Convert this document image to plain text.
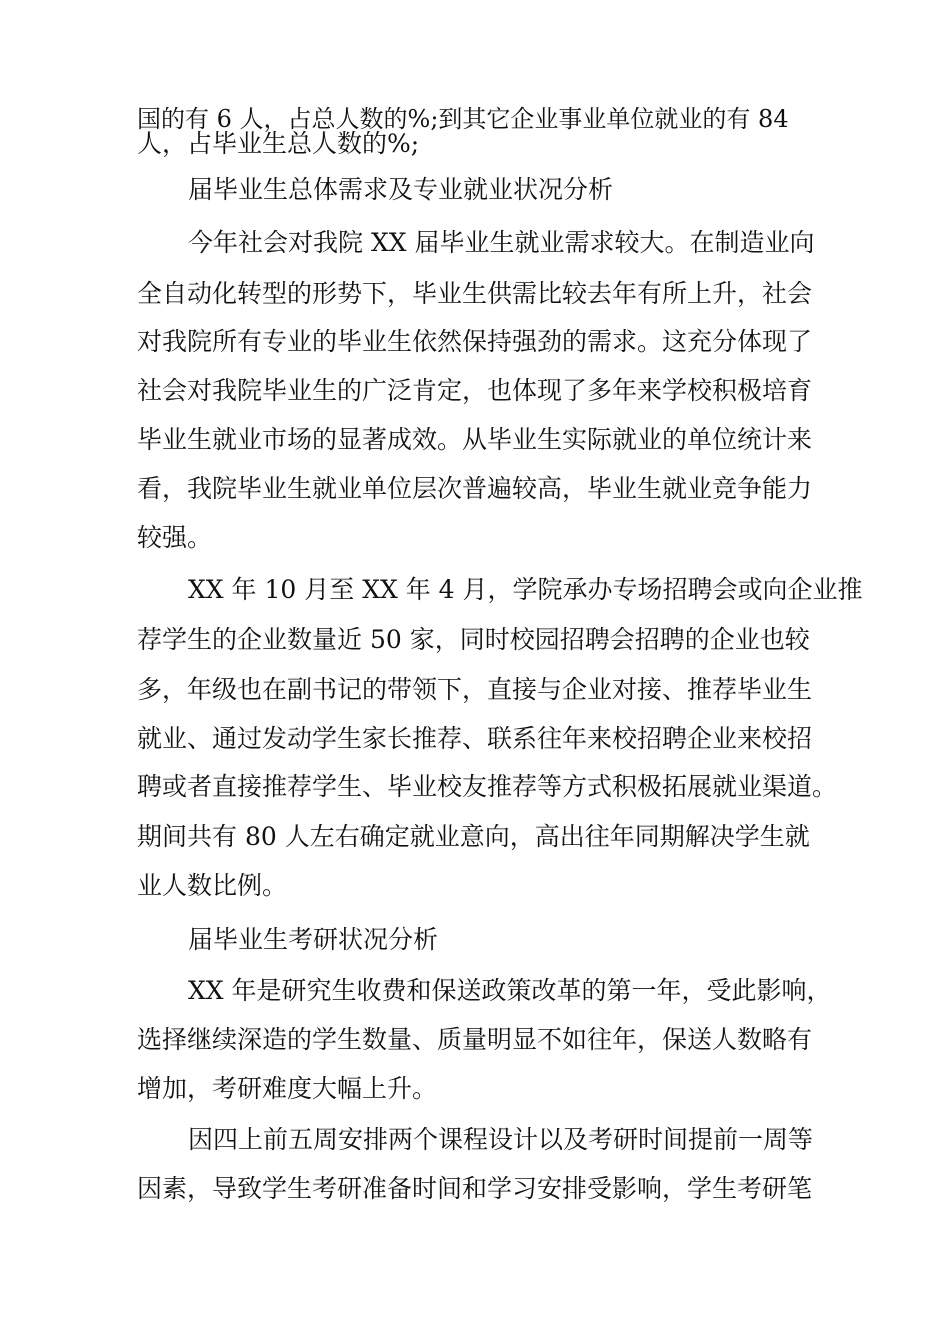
国的有 6 人，占总人数的%;到其它企业事业单位就业的有 84
人，占毕业生总人数的%;
届毕业生总体需求及专业就业状况分析
今年社会对我院 XX 届毕业生就业需求较大。在制造业向
全自动化转型的形势下，毕业生供需比较去年有所上升，社会
对我院所有专业的毕业生依然保持强劲的需求。这充分体现了
社会对我院毕业生的广泛肯定，也体现了多年来学校积极培育
毕业生就业市场的显著成效。从毕业生实际就业的单位统计来
看，我院毕业生就业单位层次普遍较高，毕业生就业竞争能力
较强。
XX 年 10 月至 XX 年 4 月，学院承办专场招聘会或向企业推
荐学生的企业数量近 50 家，同时校园招聘会招聘的企业也较
多，年级也在副书记的带领下，直接与企业对接、推荐毕业生
就业、通过发动学生家长推荐、联系往年来校招聘企业来校招
聘或者直接推荐学生、毕业校友推荐等方式积极拓展就业渠道。
期间共有 80 人左右确定就业意向，高出往年同期解决学生就
业人数比例。
届毕业生考研状况分析
XX 年是研究生收费和保送政策改革的第一年，受此影响，
选择继续深造的学生数量、质量明显不如往年，保送人数略有
增加，考研难度大幅上升。
因四上前五周安排两个课程设计以及考研时间提前一周等
因素，导致学生考研准备时间和学习安排受影响，学生考研笔
